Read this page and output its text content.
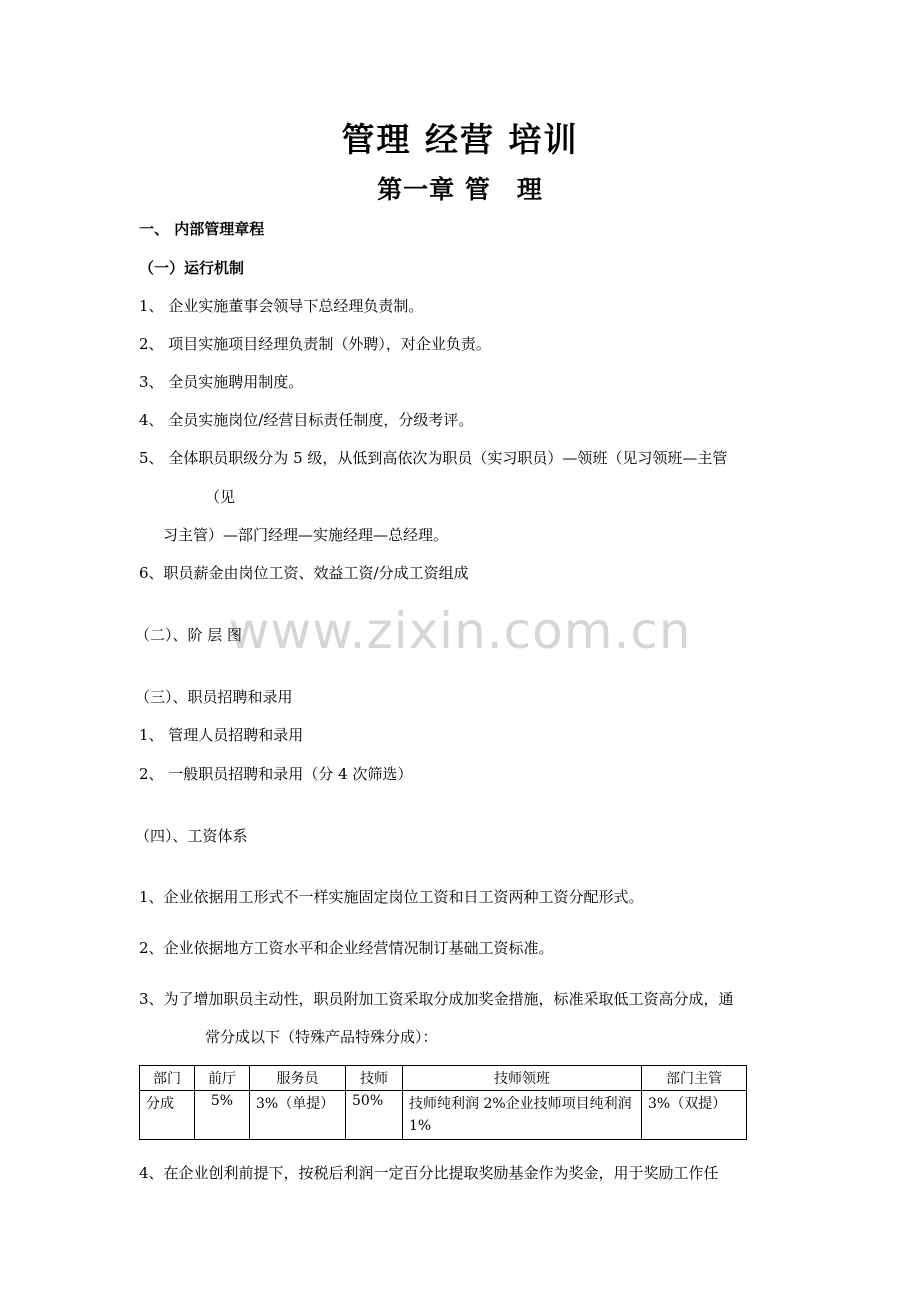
管理 经营 培训
第一章 管　理
一、 内部管理章程
（一）运行机制
1、 企业实施董事会领导下总经理负责制。
2、 项目实施项目经理负责制（外聘），对企业负责。
3、 全员实施聘用制度。
4、 全员实施岗位/经营目标责任制度，分级考评。
5、 全体职员职级分为 5 级，从低到高依次为职员（实习职员）—领班（见习领班—主管
（见
习主管）—部门经理—实施经理—总经理。
6、职员薪金由岗位工资、效益工资/分成工资组成
www.zixin.com.cn
（二）、阶 层 图
（三）、职员招聘和录用
1、 管理人员招聘和录用
2、 一般职员招聘和录用（分 4 次筛选）
（四）、工资体系
1、企业依据用工形式不一样实施固定岗位工资和日工资两种工资分配形式。
2、企业依据地方工资水平和企业经营情况制订基础工资标准。
3、为了增加职员主动性，职员附加工资采取分成加奖金措施，标准采取低工资高分成，通
常分成以下（特殊产品特殊分成）：
部门	前厅	服务员	技师	技师领班	部门主管
分成	5%	3%（单提）	50%	技师纯利润 2%企业技师项目纯利润 1%	3%（双提）
4、在企业创利前提下，按税后利润一定百分比提取奖励基金作为奖金，用于奖励工作任
